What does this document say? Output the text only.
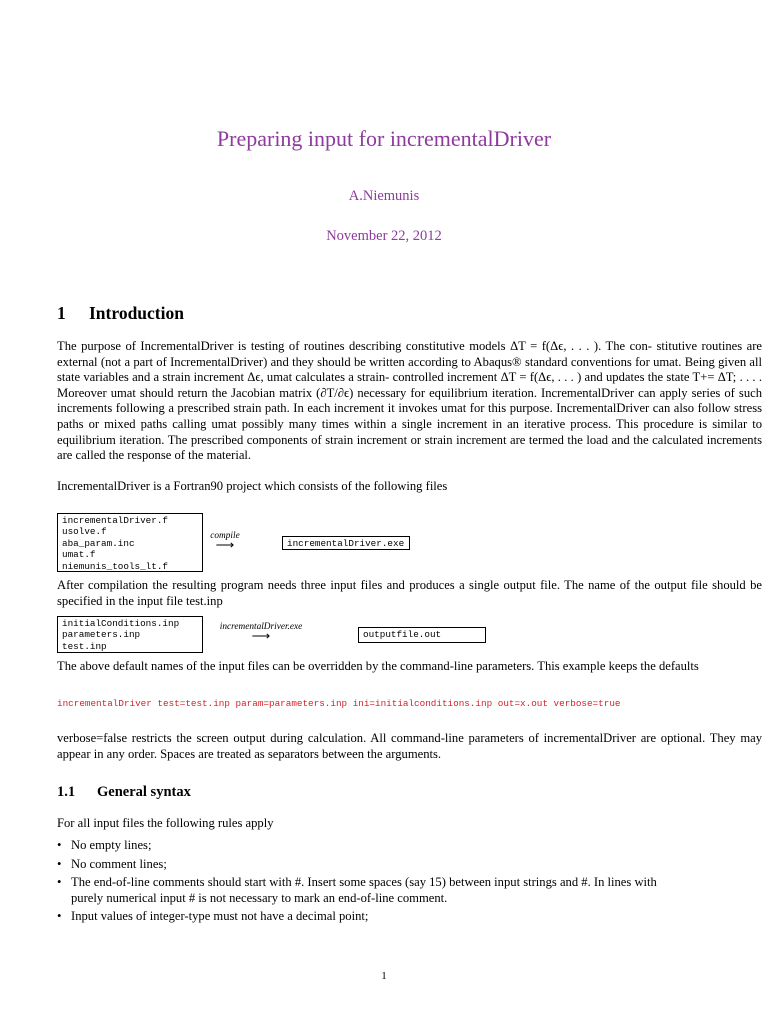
Preparing input for incrementalDriver
A.Niemunis
November 22, 2012
1 Introduction
The purpose of IncrementalDriver is testing of routines describing constitutive models ΔT = f(Δϵ, . . . ). The con- stitutive routines are external (not a part of IncrementalDriver) and they should be written according to Abaqus® standard conventions for umat. Being given all state variables and a strain increment Δϵ, umat calculates a strain- controlled increment ΔT = f(Δϵ, . . . ) and updates the state T+= ΔT; . . . . Moreover umat should return the Jacobian matrix (∂T/∂ϵ) necessary for equilibrium iteration. IncrementalDriver can apply series of such increments following a prescribed strain path. In each increment it invokes umat for this purpose. IncrementalDriver can also follow stress paths or mixed paths calling umat possibly many times within a single increment in an iterative process. This procedure is similar to equilibrium iteration. The prescribed components of strain increment or strain increment are termed the load and the calculated increments are called the response of the material.
IncrementalDriver is a Fortran90 project which consists of the following files
incrementalDriver.f
usolve.f
aba_param.inc
umat.f
niemunis_tools_lt.f
compile
⟶	incrementalDriver.exe
After compilation the resulting program needs three input files and produces a single output file. The name of the output file should be specified in the input file test.inp
initialConditions.inp
parameters.inp
test.inp
incrementalDriver.exe
⟶	outputfile.out
The above default names of the input files can be overridden by the command-line parameters. This example keeps the defaults
incrementalDriver test=test.inp param=parameters.inp ini=initialconditions.inp out=x.out verbose=true
verbose=false restricts the screen output during calculation. All command-line parameters of incrementalDriver are optional. They may appear in any order. Spaces are treated as separators between the arguments.
1.1 General syntax
For all input files the following rules apply
• No empty lines;
• No comment lines;
• The end-of-line comments should start with #. Insert some spaces (say 15) between input strings and #. In lines with
purely numerical input # is not necessary to mark an end-of-line comment.
• Input values of integer-type must not have a decimal point;
1
